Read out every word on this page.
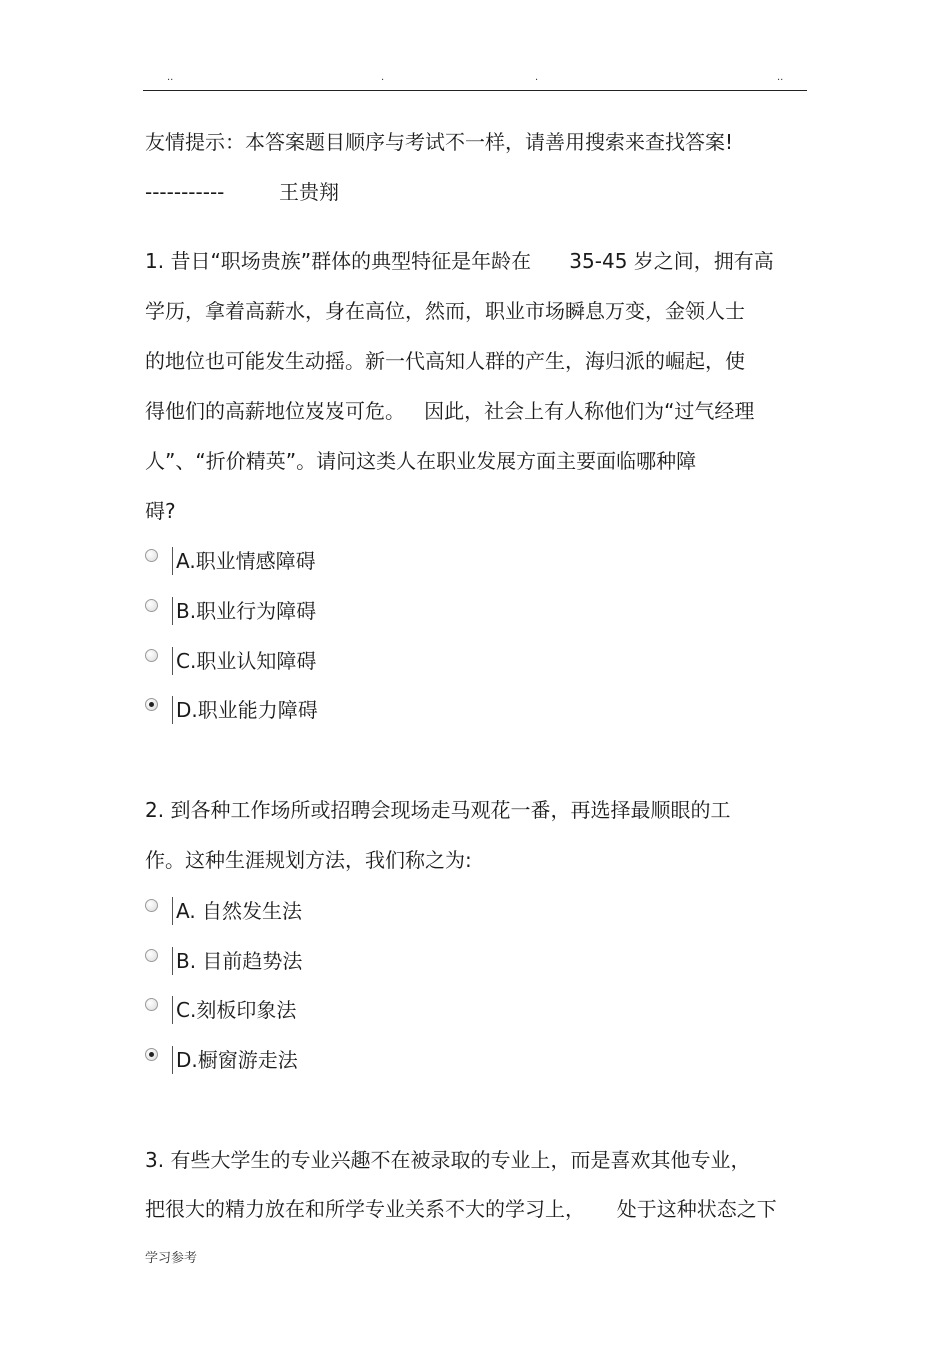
..	.	.	..
友情提示：本答案题目顺序与考试不一样，请善用搜索来查找答案!
-----------	王贵翔
1. 昔日“职场贵族”群体的典型特征是年龄在      35-45 岁之间，拥有高
学历，拿着高薪水，身在高位，然而，职业市场瞬息万变，金领人士
的地位也可能发生动摇。新一代高知人群的产生，海归派的崛起，使
得他们的高薪地位岌岌可危。   因此，社会上有人称他们为“过气经理
人”、“折价精英”。请问这类人在职业发展方面主要面临哪种障
碍?
A.职业情感障碍
B.职业行为障碍
C.职业认知障碍
D.职业能力障碍
2. 到各种工作场所或招聘会现场走马观花一番，再选择最顺眼的工
作。这种生涯规划方法，我们称之为:
A. 自然发生法
B. 目前趋势法
C.刻板印象法
D.橱窗游走法
3. 有些大学生的专业兴趣不在被录取的专业上，而是喜欢其他专业，
把很大的精力放在和所学专业关系不大的学习上，     处于这种状态之下
学习参考
